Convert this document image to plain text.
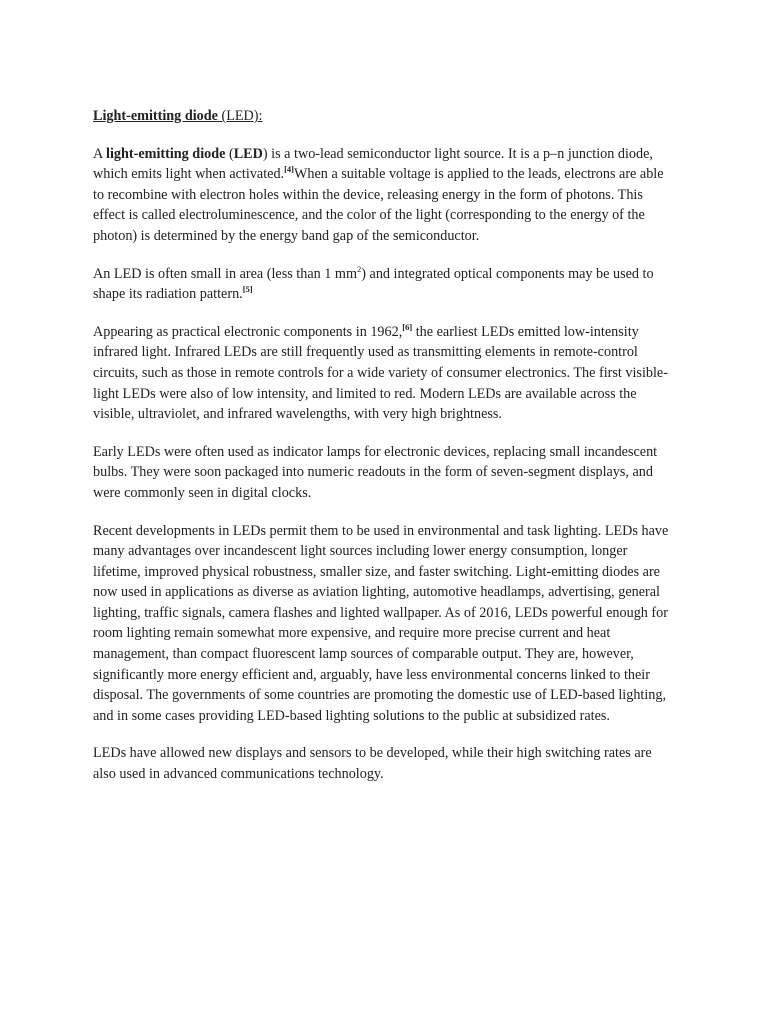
Light-emitting diode (LED):

A light-emitting diode (LED) is a two-lead semiconductor light source. It is a p–n junction diode, which emits light when activated.[4]When a suitable voltage is applied to the leads, electrons are able to recombine with electron holes within the device, releasing energy in the form of photons. This effect is called electroluminescence, and the color of the light (corresponding to the energy of the photon) is determined by the energy band gap of the semiconductor.

An LED is often small in area (less than 1 $mm^2$) and integrated optical components may be used to shape its radiation pattern.[5]

Appearing as practical electronic components in 1962,[6] the earliest LEDs emitted low-intensity infrared light. Infrared LEDs are still frequently used as transmitting elements in remote-control circuits, such as those in remote controls for a wide variety of consumer electronics. The first visible-light LEDs were also of low intensity, and limited to red. Modern LEDs are available across the visible, ultraviolet, and infrared wavelengths, with very high brightness.

Early LEDs were often used as indicator lamps for electronic devices, replacing small incandescent bulbs. They were soon packaged into numeric readouts in the form of seven-segment displays, and were commonly seen in digital clocks.

Recent developments in LEDs permit them to be used in environmental and task lighting. LEDs have many advantages over incandescent light sources including lower energy consumption, longer lifetime, improved physical robustness, smaller size, and faster switching. Light-emitting diodes are now used in applications as diverse as aviation lighting, automotive headlamps, advertising, general lighting, traffic signals, camera flashes and lighted wallpaper. As of 2016, LEDs powerful enough for room lighting remain somewhat more expensive, and require more precise current and heat management, than compact fluorescent lamp sources of comparable output. They are, however, significantly more energy efficient and, arguably, have less environmental concerns linked to their disposal. The governments of some countries are promoting the domestic use of LED-based lighting, and in some cases providing LED-based lighting solutions to the public at subsidized rates.

LEDs have allowed new displays and sensors to be developed, while their high switching rates are also used in advanced communications technology.
